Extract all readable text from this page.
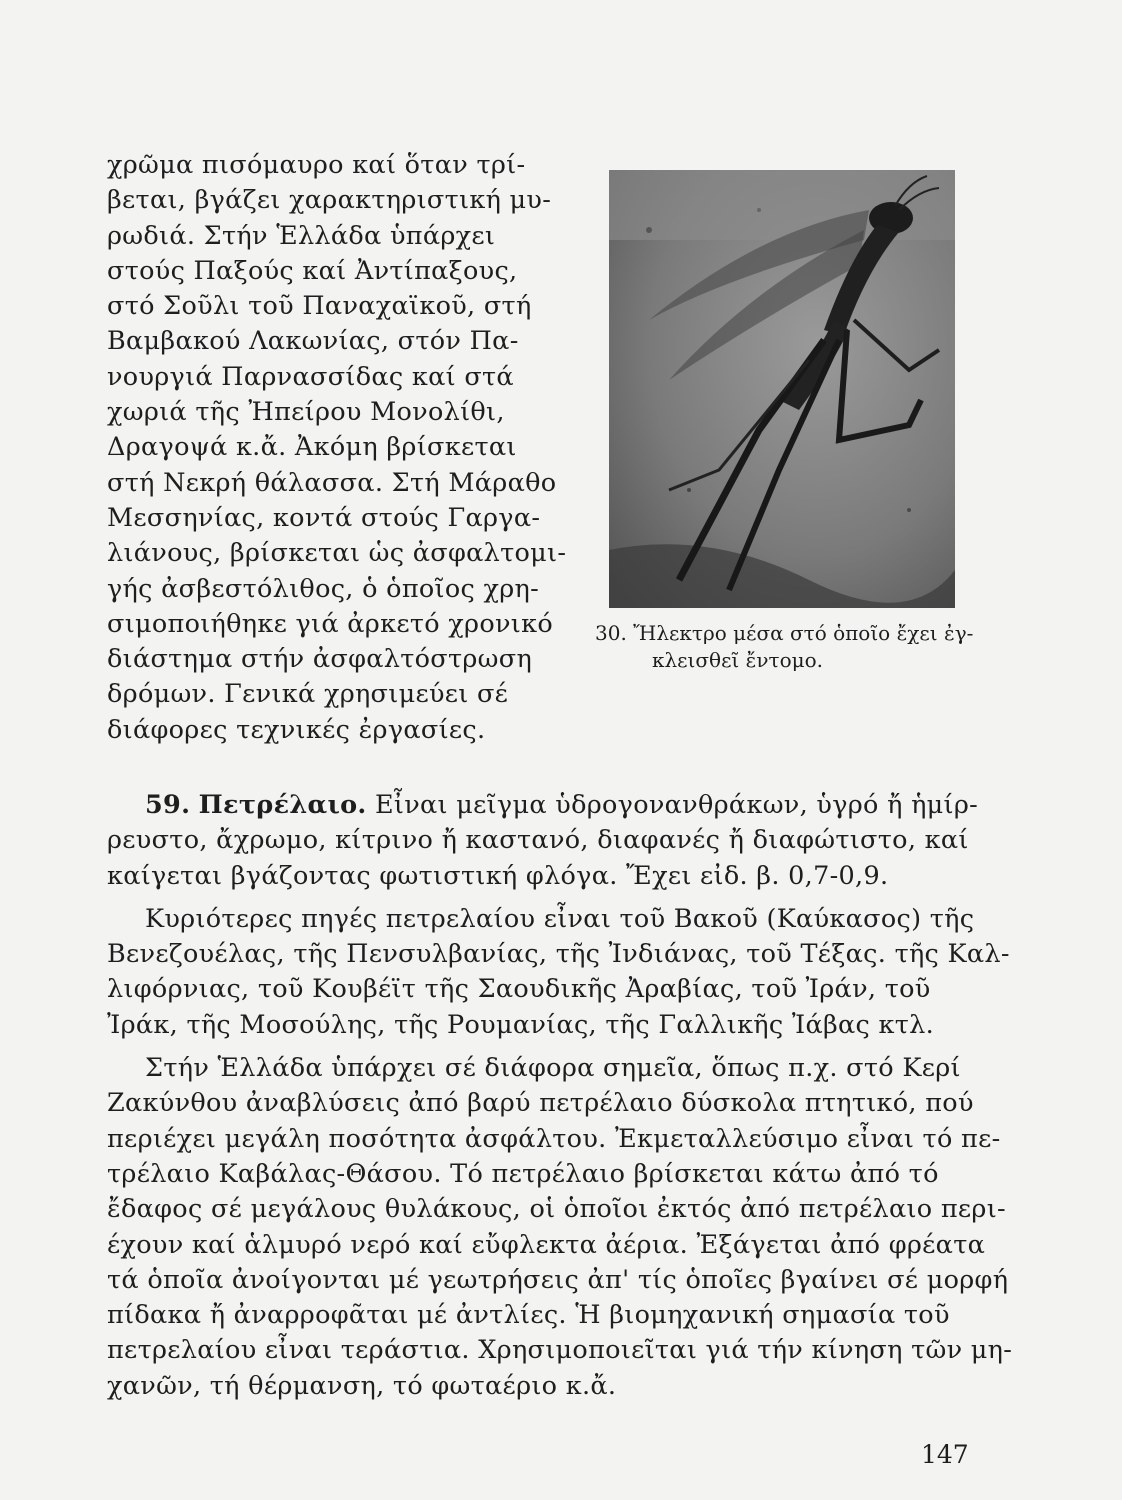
χρῶμα πισόμαυρο καί ὅταν τρί-
βεται, βγάζει χαρακτηριστική μυ-
ρωδιά. Στήν Ἑλλάδα ὑπάρχει
στούς Παξούς καί Ἀντίπαξους,
στό Σοῦλι τοῦ Παναχαϊκοῦ, στή
Βαμβακού Λακωνίας, στόν Πα-
νουργιά Παρνασσίδας καί στά
χωριά τῆς Ἠπείρου Μονολίθι,
Δραγοψά κ.ἄ. Ἀκόμη βρίσκεται
στή Νεκρή θάλασσα. Στή Μάραθο
Μεσσηνίας, κοντά στούς Γαργα-
λιάνους, βρίσκεται ὡς ἀσφαλτομι-
γής ἀσβεστόλιθος, ὁ ὁποῖος χρη-
σιμοποιήθηκε γιά ἀρκετό χρονικό
διάστημα στήν ἀσφαλτόστρωση
δρόμων. Γενικά χρησιμεύει σέ
διάφορες τεχνικές ἐργασίες.
30. Ἤλεκτρο μέσα στό ὁποῖο ἔχει ἐγ-
κλεισθεῖ ἔντομο.
59. Πετρέλαιο. Εἶναι μεῖγμα ὑδρογονανθράκων, ὑγρό ἤ ἡμίρ-
ρευστο, ἄχρωμο, κίτρινο ἤ καστανό, διαφανές ἤ διαφώτιστο, καί
καίγεται βγάζοντας φωτιστική φλόγα. Ἔχει εἰδ. β. 0,7-0,9.
Κυριότερες πηγές πετρελαίου εἶναι τοῦ Βακοῦ (Καύκασος) τῆς
Βενεζουέλας, τῆς Πενσυλβανίας, τῆς Ἰνδιάνας, τοῦ Τέξας. τῆς Καλ-
λιφόρνιας, τοῦ Κουβέϊτ τῆς Σαουδικῆς Ἀραβίας, τοῦ Ἰράν, τοῦ
Ἰράκ, τῆς Μοσούλης, τῆς Ρουμανίας, τῆς Γαλλικῆς Ἰάβας κτλ.
Στήν Ἑλλάδα ὑπάρχει σέ διάφορα σημεῖα, ὅπως π.χ. στό Κερί
Ζακύνθου ἀναβλύσεις ἀπό βαρύ πετρέλαιο δύσκολα πτητικό, πού
περιέχει μεγάλη ποσότητα ἀσφάλτου. Ἐκμεταλλεύσιμο εἶναι τό πε-
τρέλαιο Καβάλας-Θάσου. Τό πετρέλαιο βρίσκεται κάτω ἀπό τό
ἔδαφος σέ μεγάλους θυλάκους, οἱ ὁποῖοι ἐκτός ἀπό πετρέλαιο περι-
έχουν καί ἁλμυρό νερό καί εὔφλεκτα ἀέρια. Ἐξάγεται ἀπό φρέατα
τά ὁποῖα ἀνοίγονται μέ γεωτρήσεις ἀπ' τίς ὁποῖες βγαίνει σέ μορφή
πίδακα ἤ ἀναρροφᾶται μέ ἀντλίες. Ἡ βιομηχανική σημασία τοῦ
πετρελαίου εἶναι τεράστια. Χρησιμοποιεῖται γιά τήν κίνηση τῶν μη-
χανῶν, τή θέρμανση, τό φωταέριο κ.ἄ.
147
